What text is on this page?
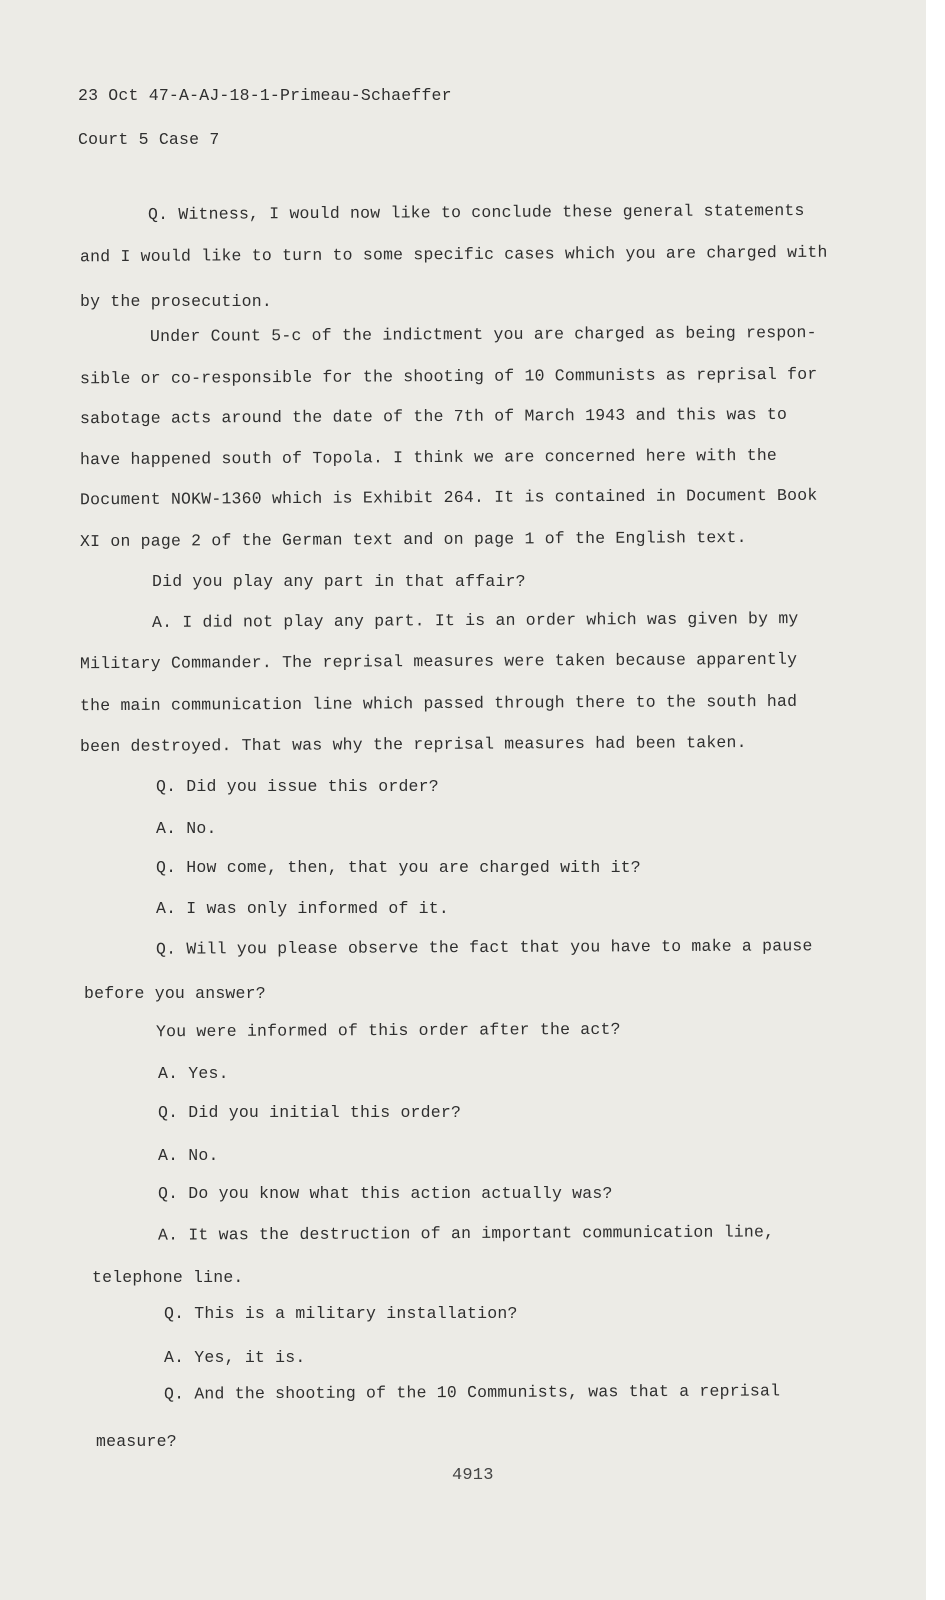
23 Oct 47-A-AJ-18-1-Primeau-Schaeffer
Court 5 Case 7
Q. Witness, I would now like to conclude these general statements
and I would like to turn to some specific cases which you are charged with
by the prosecution.
Under Count 5-c of the indictment you are charged as being respon-
sible or co-responsible for the shooting of 10 Communists as reprisal for
sabotage acts around the date of the 7th of March 1943 and this was to
have happened south of Topola. I think we are concerned here with the
Document NOKW-1360 which is Exhibit 264. It is contained in Document Book
XI on page 2 of the German text and on page 1 of the English text.
Did you play any part in that affair?
A. I did not play any part. It is an order which was given by my
Military Commander. The reprisal measures were taken because apparently
the main communication line which passed through there to the south had
been destroyed. That was why the reprisal measures had been taken.
Q. Did you issue this order?
A. No.
Q. How come, then, that you are charged with it?
A. I was only informed of it.
Q. Will you please observe the fact that you have to make a pause
before you answer?
You were informed of this order after the act?
A. Yes.
Q. Did you initial this order?
A. No.
Q. Do you know what this action actually was?
A. It was the destruction of an important communication line,
telephone line.
Q. This is a military installation?
A. Yes, it is.
Q. And the shooting of the 10 Communists, was that a reprisal
measure?
4913
